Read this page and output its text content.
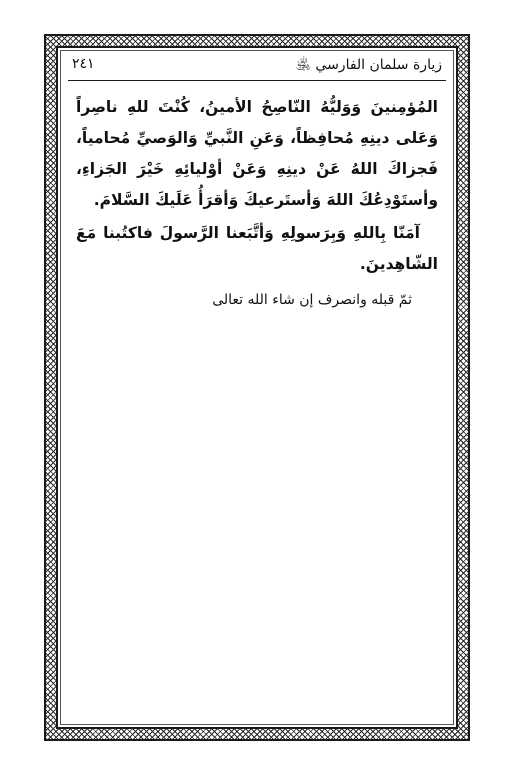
زيارة سلمان الفارسي ﵁
٢٤١

المُؤمِنينَ وَوَليُّهُ النّاصِحُ الأمينُ، كُنْتَ للهِ ناصِراً وَعَلى دينِهِ مُحافِظاً، وَعَنِ النَّبيِّ وَالوَصيِّ مُحامياً، فَجزاكَ اللهُ عَنْ دينِهِ وَعَنْ أوْليائِهِ خَيْرَ الجَزاءِ، وأستَوْدِعُكَ اللهَ وَأستَرعيكَ وَأقرَأُ عَلَيكَ السَّلامَ.

آمَنّا بِاللهِ وَبِرَسولِهِ وَأتَّبَعنا الرَّسولَ فاكتُبنا مَعَ الشّاهِدينَ.

ثمّ قبله وانصرف إن شاء الله تعالى
